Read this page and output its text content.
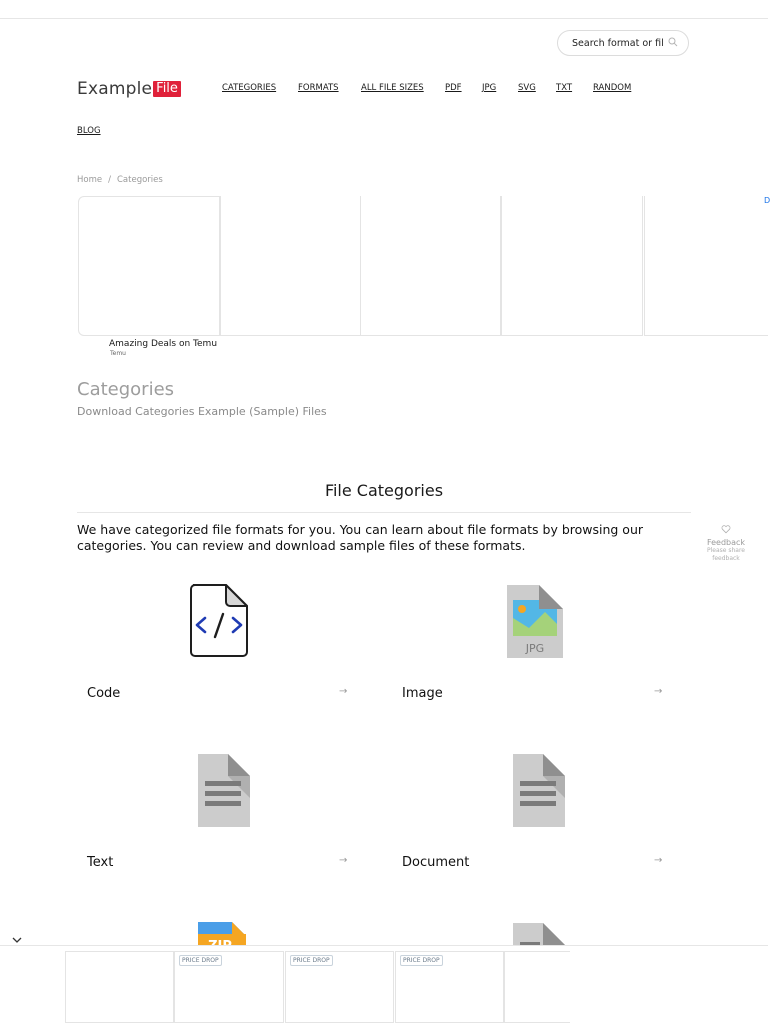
Search format or file
Example File	CATEGORIES	FORMATS	ALL FILE SIZES	PDF	JPG	SVG	TXT	RANDOM
BLOG
Home / Categories
D
Amazing Deals on Temu
Temu
Categories
Download Categories Example (Sample) Files
File Categories
We have categorized file formats for you. You can learn about file formats by browsing our categories. You can review and download sample files of these formats.	Feedback
Please share feedback
Code	→
JPG
Image	→
Text	→	Document	→
PRICE DROP	PRICE DROP	PRICE DROP
